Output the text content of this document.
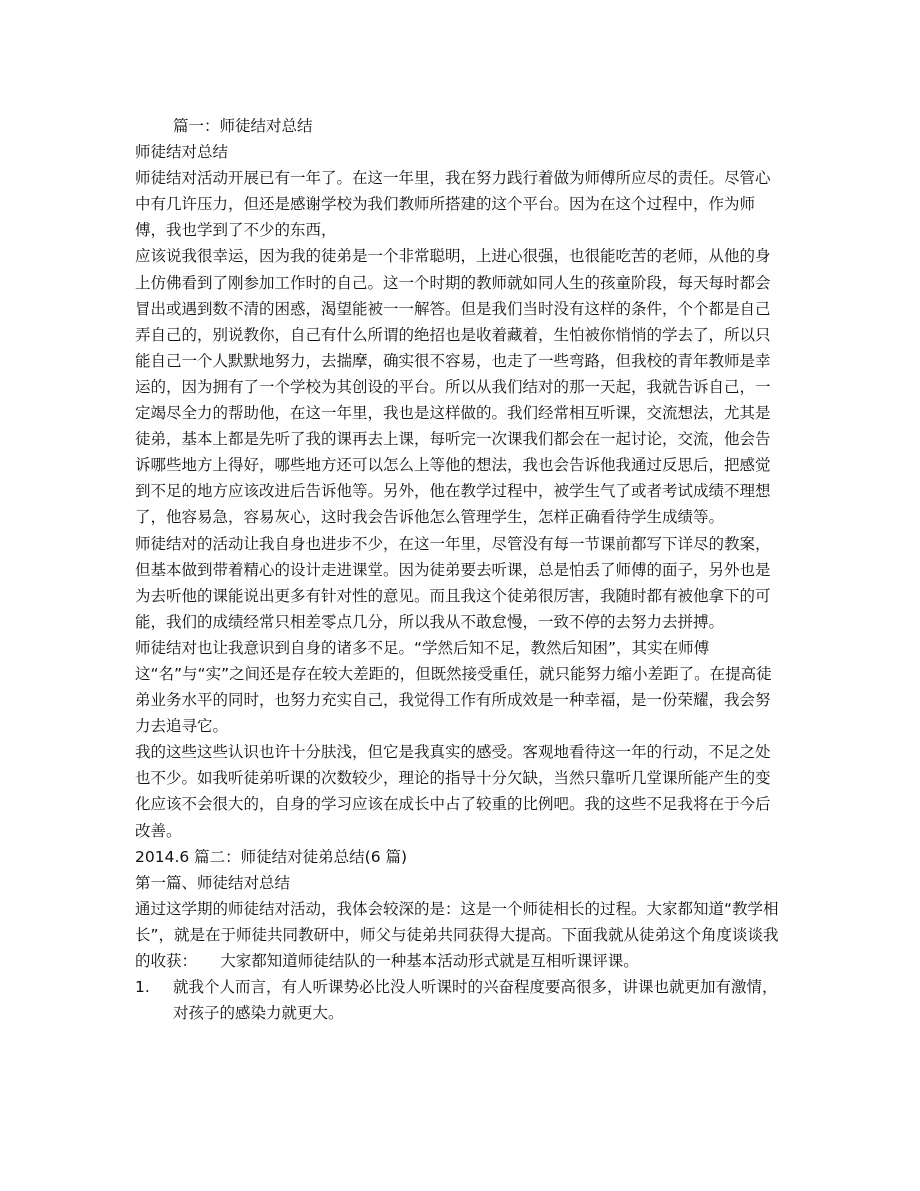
篇一：师徒结对总结

师徒结对总结

师徒结对活动开展已有一年了。在这一年里，我在努力践行着做为师傅所应尽的责任。尽管心中有几许压力，但还是感谢学校为我们教师所搭建的这个平台。因为在这个过程中，作为师傅，我也学到了不少的东西，

应该说我很幸运，因为我的徒弟是一个非常聪明，上进心很强，也很能吃苦的老师，从他的身上仿佛看到了刚参加工作时的自己。这一个时期的教师就如同人生的孩童阶段，每天每时都会冒出或遇到数不清的困惑，渴望能被一一解答。但是我们当时没有这样的条件，个个都是自己弄自己的，别说教你，自己有什么所谓的绝招也是收着藏着，生怕被你悄悄的学去了，所以只能自己一个人默默地努力，去揣摩，确实很不容易，也走了一些弯路，但我校的青年教师是幸运的，因为拥有了一个学校为其创设的平台。所以从我们结对的那一天起，我就告诉自己，一定竭尽全力的帮助他，在这一年里，我也是这样做的。我们经常相互听课，交流想法，尤其是徒弟，基本上都是先听了我的课再去上课，每听完一次课我们都会在一起讨论，交流，他会告诉哪些地方上得好，哪些地方还可以怎么上等他的想法，我也会告诉他我通过反思后，把感觉到不足的地方应该改进后告诉他等。另外，他在教学过程中，被学生气了或者考试成绩不理想了，他容易急，容易灰心，这时我会告诉他怎么管理学生，怎样正确看待学生成绩等。

师徒结对的活动让我自身也进步不少，在这一年里，尽管没有每一节课前都写下详尽的教案，但基本做到带着精心的设计走进课堂。因为徒弟要去听课，总是怕丢了师傅的面子，另外也是为去听他的课能说出更多有针对性的意见。而且我这个徒弟很厉害，我随时都有被他拿下的可能，我们的成绩经常只相差零点几分，所以我从不敢怠慢，一致不停的去努力去拼搏。

师徒结对也让我意识到自身的诸多不足。“学然后知不足，教然后知困”，其实在师傅这“名”与“实”之间还是存在较大差距的，但既然接受重任，就只能努力缩小差距了。在提高徒弟业务水平的同时，也努力充实自己，我觉得工作有所成效是一种幸福，是一份荣耀，我会努力去追寻它。

我的这些这些认识也许十分肤浅，但它是我真实的感受。客观地看待这一年的行动，不足之处也不少。如我听徒弟听课的次数较少，理论的指导十分欠缺，当然只靠听几堂课所能产生的变化应该不会很大的，自身的学习应该在成长中占了较重的比例吧。我的这些不足我将在于今后改善。

2014.6 篇二：师徒结对徒弟总结(6 篇)

第一篇、师徒结对总结

通过这学期的师徒结对活动，我体会较深的是：这是一个师徒相长的过程。大家都知道“教学相长”，就是在于师徒共同教研中，师父与徒弟共同获得大提高。下面我就从徒弟这个角度谈谈我的收获：　　大家都知道师徒结队的一种基本活动形式就是互相听课评课。

1. 就我个人而言，有人听课势必比没人听课时的兴奋程度要高很多，讲课也就更加有激情，对孩子的感染力就更大。
